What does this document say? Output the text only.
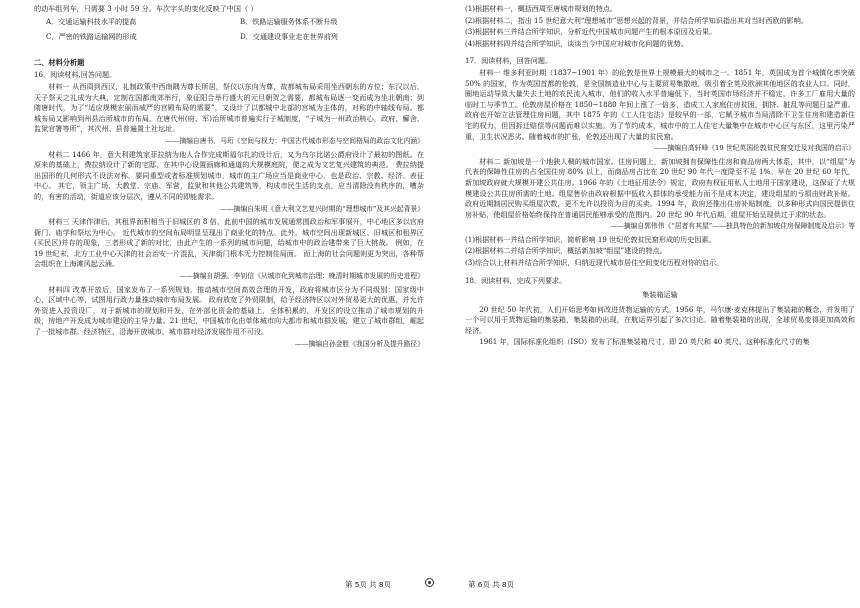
的动车组列车，只需要 3 小时 59 分。车次字头的变化反映了中国（ ）

A．交通运输科技水平的提高	B．铁路运输服务体系不断升级
C．严密的铁路运输网的形成	D．交通建设事业走在世界前列
二、材料分析题
16．阅读材料,回答问题。

材料一 从西周到西汉，礼制政策中西南隅为尊长所居，祭仪以东向为尊，故都城布局采用坐西朝东的方位；东汉以后，天子祭天之礼成为大典，定制在国都南郊举行，象征阳合举行盛大的元旦朝贺之需要，都城布局逐一变而成为坐北朝南；到隋唐时代，为了“适应规模宏丽而威严的宫殿布局的需要”，又设计了以都城中北部的宫城为主体的，对称的中轴线布局。都城布局又影响到州县治所城市的布局，在唐代州(府、军)治所城市普遍实行子城制度，“子城为一州政治核心，政府、廨舍、监狱官署等所”，其次州、县普遍置土社坛址。

——摘编自唐书、马珩《空间与权力：中国古代城市形态与空间格局的政治文化内涵》

材料二 1466 年，意大利建筑家菲拉纳为他人合作完成斯福尔扎的设计后，又为乌尔比诺公爵府设计了最初的图纸。在原来的基础上，费拉纳设计了新的宅邸，在其中心设置画廊和通道的大规模庭院，便之成为文艺复兴建筑的典范。 费拉纳提出国形的几何形式不设法对称，要同重型或者标准规划城市，城市的主广场应当是商业中心，也是政治、宗教、经济、表征中心。 其它，领主广场、大教堂、宗庙、军营，监狱和其他公共建筑等，构成市民生活的支点，应当清除没有秩序的，嘈杂的，有害的活动，街道应该分层次，遵从不同的即能需求。

——摘编自朱明《意大利文艺复兴时期的“理想城市”及其兴起背景》

材料三 天津作律后，其租界面积相当于旧城区的 8 倍，此前中国的城市发展通常围政治和军事展开，中心地区多以官府衙门、庙学和祭坛为中心。 近代城市的空间布局明显呈现出了商业化的特点。此外，城市空间出现新城区、旧城区和租界区(买民区)并存的现象，三者形成了新的对比，由此产生的一系列的城市问题，给城市中的政治建带来了巨大挑战。 例如，在 19 世纪末，北方工业中心天津的社会治安一片混乱，天津街门根本无力控制住局面。 而上海的社会问题则更为突出，各种帮会组织在上海滩风起云涌。

——摘编自胡强、李钊信《从城市化到城市治理：晚清时期城市发展的历史进程》

材料四 改革开放后，国家发布了一系列规划，推动城市空间高效合理的开发，政府将城市区分为不同级别：国家级中心、区域中心等，试图用行政力量推动城市布局发展。 政府放宽了外贸限制，给予经济特区以对外贸易更大的优惠，并允许外资进入投资设厂，对于新城市的规划和开发，在外部化资金的基础上，全体积累的，开发区的设立推动了城市规划的升级，房地产开发成为城市建设的主导力量。21 世纪，中国城市化由单体城市向大都市和城市群发展，建立了城市群组，崛起了一批城市群。经济特区、沿海开放城市、城市群对经济发展作用不可没。

——摘编自孙金胜《我国分析及提升路径》
(1)根据材料一，概括西周至唐城市规划的特点。
(2)根据材料二，指出 15 世纪意大利“理想城市”思想兴起的背景，并结合所学知识指出其对当时西欧的影响。
(3)根据材料三并结合所学知识，分析近代中国城市问题产生的根本原因及后果。
(4)根据材料四并结合所学知识，谈谈当今中国应对城市化问题的优势。
17．阅读材料，回答问题。

材料一 维多利亚时期（1837~1901 年）的伦敦是世界上规模最大的城市之一。1851 年，英国成为首个城镇化率突破 50% 的国家，作为英国首都的伦敦，是全国制造业中心与主要贸易集散地，吸引着全英及欧洲其他地区的农业人口。同时，圈地运动导致大量失去土地的农民流入城市，他们的收入水平普遍低下，当时英国市场经济并不稳定，许多工厂雇用大量的临时工与季节工。伦敦房屋价格在 1850~1880 年间上涨了一倍多，造成工人家庭住房贫困，拥挤、脏乱等问题日益严重。政府也开始立法管理住房问题，其中 1875 年的《工人住宅法》是较早的一部，它赋予城市当局清除不卫生住房和建造新住宅的权力，但因拆迁赔偿等问题而难以实施。为了节约成本，城市中的工人住宅大量集中在城市中心区与东区，这里污染严重，卫生状况恶劣。随着城市的扩张，伦敦还出现了大量的贫民窟。

——摘编自高轩峰《19 世纪英国伦敦贫民窟变迁及对我国的启示》

材料二 新加坡是一个地狭人稠的城市国家。住房问题上，新加坡拥有保障性住房和商品房两大体系，其中，以“组屋”为代表的保障性住房的占全国住房 80% 以上，而商品房占比在 20 世纪 90 年代一度降至不足 1%。早在 20 世纪 60 年代，新加坡政府就大规模开建公共住房。1966 年的《土地征用法令》规定，政府有权征用私人土地用于国家建设，这保证了大规模建设公共住房所需的土地。组屋售价由政府根据中低收入群体的承受能力而不是成本决定，建设组屋的亏损由财政补贴。政府近期制居民购买组屋次数，更不允许以投资为目的买卖。1994 年，政府还推出住房补贴制度，以多种形式向国民提供住房补贴，使组屋价格始终保持在普通居民能够承受的范围内。20 世纪 90 年代后期，组屋开始呈现供过于求的状态。

——摘编自郭伟伟《“居者有其屋”——独具特色的新加坡住房保障制度及启示》等
(1)根据材料一并结合所学知识，简析影响 19 世纪伦敦贫民窟形成的历史因素。
(2)根据材料二并结合所学知识，概括新加坡“组屋”建设的特点。
(3)综合以上材料并结合所学知识，归纳近现代城市居住空间变化历程对你的启示。
18．阅读材料，完成下列要求。
集装箱运输

20 世纪 50 年代初，人们开始思考如何改进货物运输的方式。1956 年，马尔康·麦克林提出了集装箱的概念，并发明了一个可以用于货物运输的集装箱，集装箱的出现，在航运界引起了多次讨论。随着集装箱的出现，全球贸易变得更加高效和经济。

1961 年，国际标准化组织（ISO）发布了标准集装箱尺寸，即 20 英尺和 40 英尺。这种标准化尺寸的集

第 5页 共 8页	第 6页 共 8页
